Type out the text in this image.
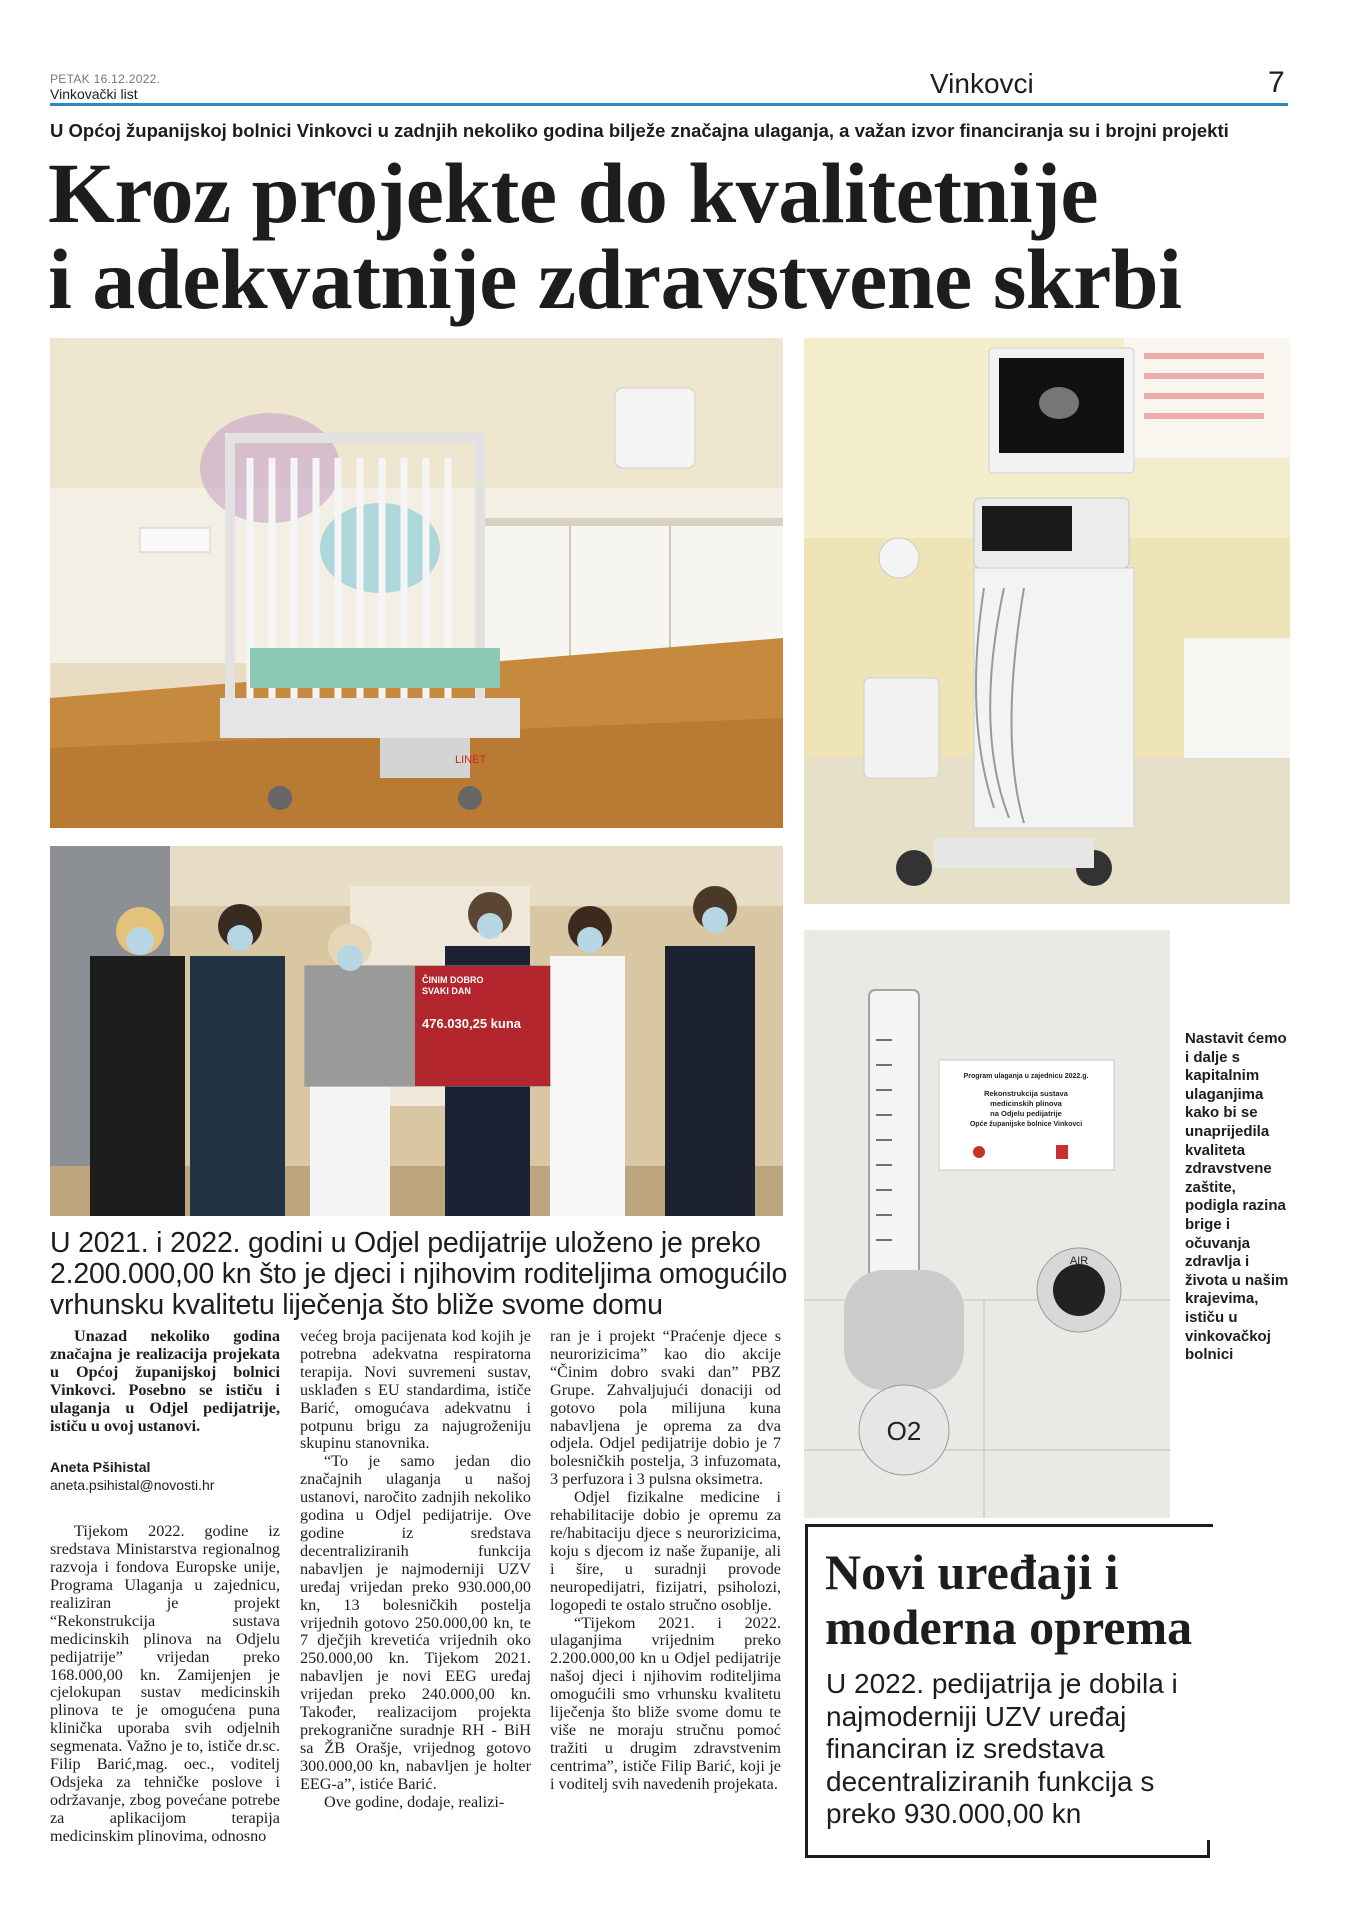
PETAK 16.12.2022.
Vinkovački list	Vinkovci	7
U Općoj županijskoj bolnici Vinkovci u zadnjih nekoliko godina bilježe značajna ulaganja, a važan izvor financiranja su i brojni projekti
Kroz projekte do kvalitetnije
i adekvatnije zdravstvene skrbi
LINET
ČINIM DOBRO
SVAKI DAN
476.030,25 kuna
Program ulaganja u zajednicu 2022.g.
Rekonstrukcija sustava
medicinskih plinova
na Odjelu pedijatrije
Opće županijske bolnice Vinkovci
O2
AIR
Nastavit ćemo i dalje s kapitalnim ulaganjima kako bi se unaprijedila kvaliteta zdravstvene zaštite, podigla razina brige i očuvanja zdravlja i života u našim krajevima, ističu u vinkovačkoj bolnici
U 2021. i 2022. godini u Odjel pedijatrije uloženo je preko 2.200.000,00 kn što je djeci i njihovim roditeljima omogućilo vrhunsku kvalitetu liječenja što bliže svome domu

Unazad nekoliko godina značajna je realizacija projekata u Općoj županijskoj bolnici Vinkovci. Posebno se ističu i ulaganja u Odjel pedijatrije, ističu u ovoj ustanovi.

Aneta Pšihistal
aneta.psihistal@novosti.hr

Tijekom 2022. godine iz sredstava Ministarstva regionalnog razvoja i fondova Europske unije, Programa Ulaganja u zajednicu, realiziran je projekt “Rekonstrukcija sustava medicinskih plinova na Odjelu pedijatrije” vrijedan preko 168.000,00 kn. Zamijenjen je cjelokupan sustav medicinskih plinova te je omogućena puna klinička uporaba svih odjelnih segmenata. Važno je to, ističe dr.sc. Filip Barić,mag. oec., voditelj Odsjeka za tehničke poslove i održavanje, zbog povećane potrebe za aplikacijom terapija medicinskim plinovima, odnosno

većeg broja pacijenata kod kojih je potrebna adekvatna respiratorna terapija. Novi suvremeni sustav, usklađen s EU standardima, ističe Barić, omogućava adekvatnu i potpunu brigu za najugroženiju skupinu stanovnika.

“To je samo jedan dio značajnih ulaganja u našoj ustanovi, naročito zadnjih nekoliko godina u Odjel pedijatrije. Ove godine iz sredstava decentraliziranih funkcija nabavljen je najmoderniji UZV uređaj vrijedan preko 930.000,00 kn, 13 bolesničkih postelja vrijednih gotovo 250.000,00 kn, te 7 dječjih krevetića vrijednih oko 250.000,00 kn. Tijekom 2021. nabavljen je novi EEG uređaj vrijedan preko 240.000,00 kn. Također, realizacijom projekta prekogranične suradnje RH - BiH sa ŽB Orašje, vrijednog gotovo 300.000,00 kn, nabavljen je holter EEG-a”, istiće Barić.

Ove godine, dodaje, realizi-

ran je i projekt “Praćenje djece s neurorizicima” kao dio akcije “Činim dobro svaki dan” PBZ Grupe. Zahvaljujući donaciji od gotovo pola milijuna kuna nabavljena je oprema za dva odjela. Odjel pedijatrije dobio je 7 bolesničkih postelja, 3 infuzomata, 3 perfuzora i 3 pulsna oksimetra.

Odjel fizikalne medicine i rehabilitacije dobio je opremu za re/habitaciju djece s neurorizicima, koju s djecom iz naše županije, ali i šire, u suradnji provode neuropedijatri, fizijatri, psiholozi, logopedi te ostalo stručno osoblje.

“Tijekom 2021. i 2022. ulaganjima vrijednim preko 2.200.000,00 kn u Odjel pedijatrije našoj djeci i njihovim roditeljima omogućili smo vrhunsku kvalitetu liječenja što bliže svome domu te više ne moraju stručnu pomoć tražiti u drugim zdravstvenim centrima”, ističe Filip Barić, koji je i voditelj svih navedenih projekata.

Novi uređaji i moderna oprema
U 2022. pedijatrija je dobila i najmoderniji UZV uređaj financiran iz sredstava decentraliziranih funkcija s preko 930.000,00 kn
